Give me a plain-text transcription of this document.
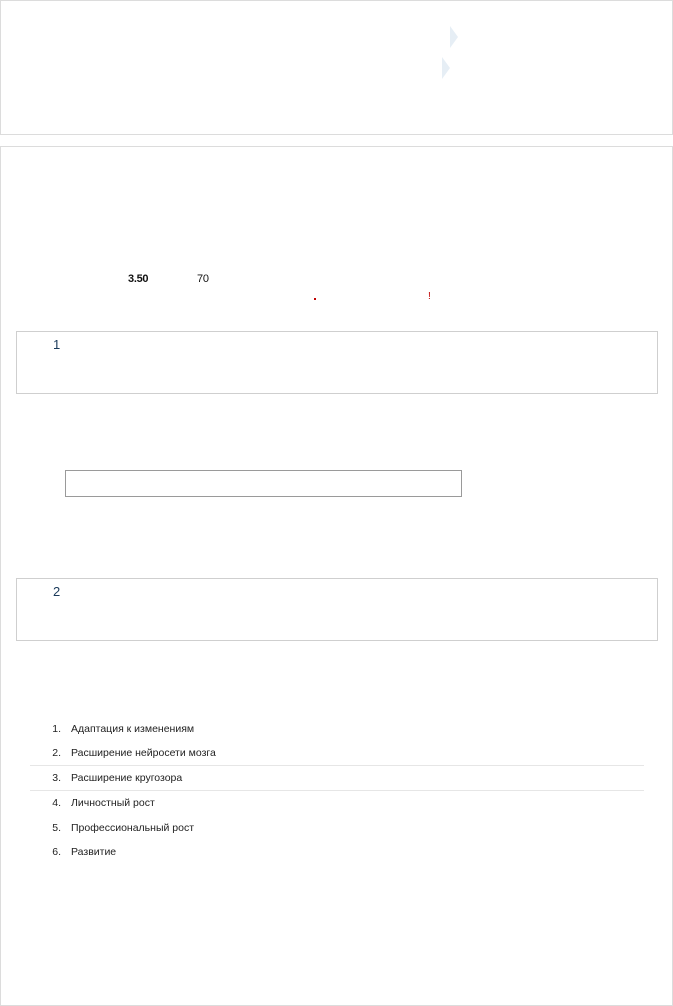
3.50	70
!
1
2
1. Адаптация к изменениям
2. Расширение нейросети мозга
3. Расширение кругозора
4. Личностный рост
5. Профессиональный рост
6. Развитие
